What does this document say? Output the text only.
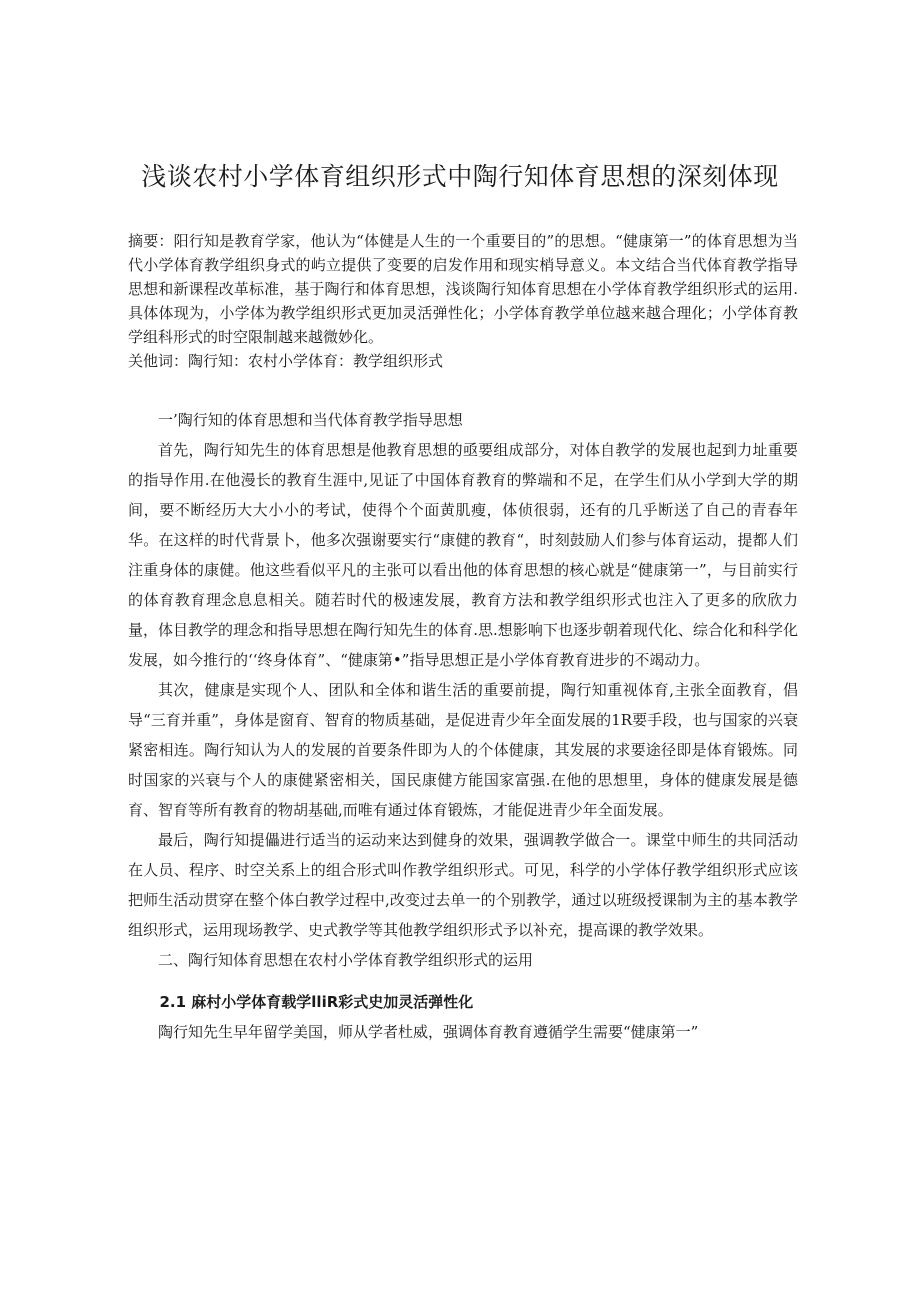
浅谈农村小学体育组织形式中陶行知体育思想的深刻体现

摘要：阳行知是教育学家，他认为“体健是人生的一个重要目的”的思想。“健康第一”的体育思想为当代小学体育教学组织身式的屿立提供了变要的启发作用和现实梢导意义。本文结合当代体育教学指导思想和新课程改革标准，基于陶行和体育思想，浅谈陶行知体育思想在小学体育教学组织形式的运用.具体体现为，小学体为教学组织形式更加灵活弹性化；小学体育教学单位越来越合理化；小学体育教学组科形式的时空限制越来越微妙化。

关他词：陶行知：农村小学体育：教学组织形式

一’陶行知的体育思想和当代体育教学指导思想

首先，陶行知先生的体育思想是他教育思想的亟要组成部分，对体自教学的发展也起到力址重要的指导作用.在他漫长的教育生涯中,见证了中国体育教育的弊端和不足，在学生们从小学到大学的期间，要不断经历大大小小的考试，使得个个面黄肌瘦，体侦很弱，还有的几乎断送了自己的青春年华。在这样的时代背景卜，他多次强谢要实行“康健的教育“，时刻鼓励人们参与体育运动，提都人们注重身体的康健。他这些看似平凡的主张可以看出他的体育思想的核心就是“健康第一”，与目前实行的体育教育理念息息相关。随若时代的极速发展，教育方法和教学组织形式也注入了更多的欣欣力量，体目教学的理念和指导思想在陶行知先生的体育.思.想影响下也逐步朝着现代化、综合化和科学化发展，如今推行的‘‘终身体育”、“健康第•”指导思想正是小学体育教育进步的不竭动力。

其次，健康是实现个人、团队和全体和谐生活的重要前提，陶行知重视体育,主张全面教育，倡导“三育并重”，身体是窗育、智育的物质基础，是促进青少年全面发展的1R要手段，也与国家的兴衰紧密相连。陶行知认为人的发展的首要条件即为人的个体健康，其发展的求要途径即是体育锻炼。同时国家的兴衰与个人的康健紧密相关，国民康健方能国家富强.在他的思想里，身体的健康发展是德育、智育等所有教育的物胡基础,而唯有通过体育锻炼，才能促进青少年全面发展。

最后，陶行知提儡进行适当的运动来达到健身的效果，强调教学做合一。课堂中师生的共同活动在人员、程序、时空关系上的组合形式叫作教学组织形式。可见，科学的小学体仔教学组织形式应该把师生活动贯穿在整个体白教学过程中,改变过去单一的个别教学，通过以班级授课制为主的基本教学组织形式，运用现场教学、史式教学等其他教学组织形式予以补充，提高课的教学效果。

二、陶行知体育思想在农村小学体育教学组织形式的运用
2.1 麻村小学体育载学lliR彩式史加灵活弹性化

陶行知先生早年留学美国，师从学者杜威，强调体育教育遵循学生需要“健康第一”
